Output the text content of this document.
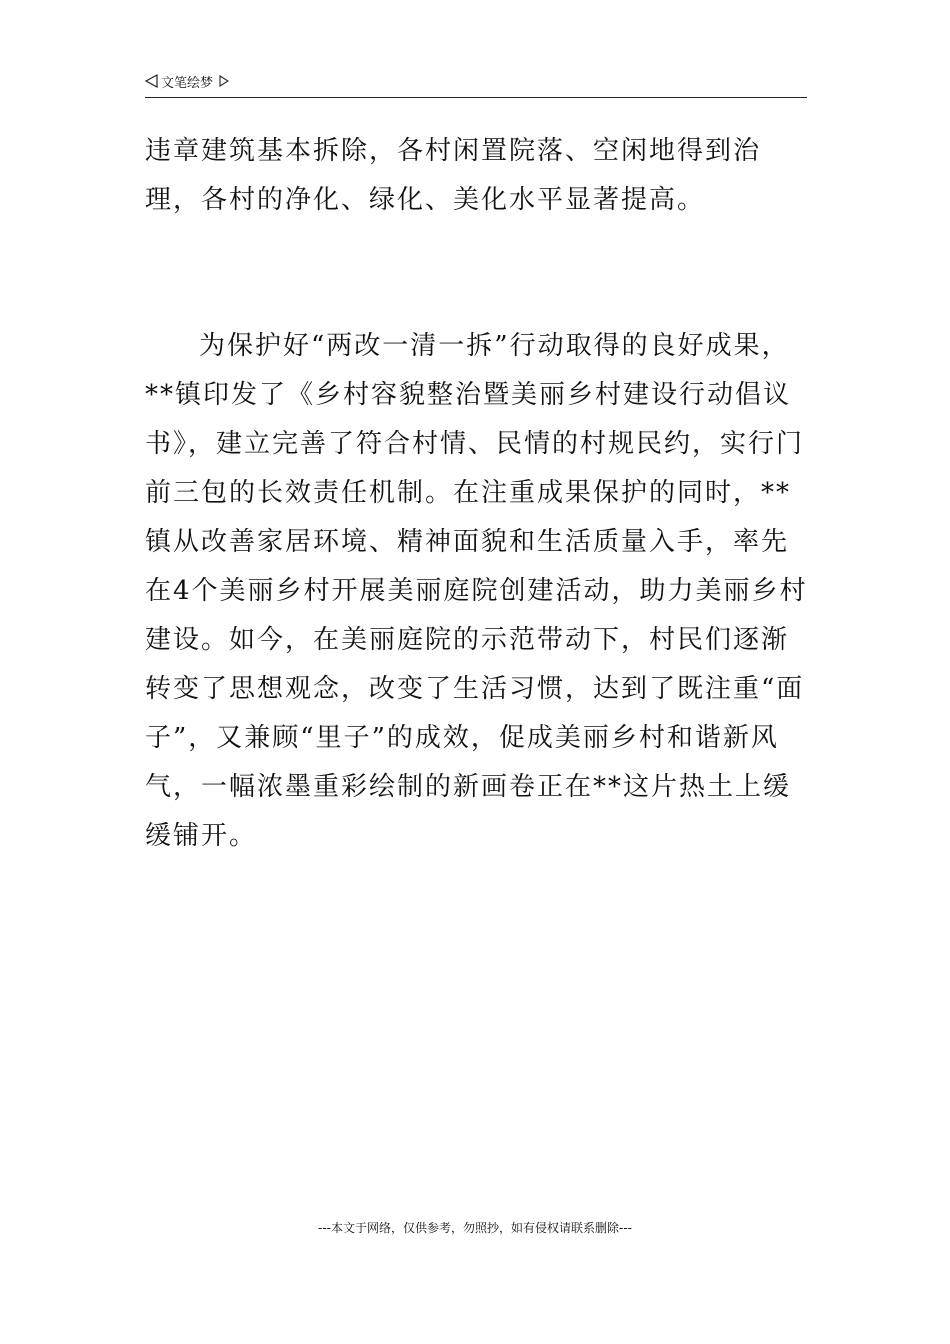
文笔绘梦

违章建筑基本拆除，各村闲置院落、空闲地得到治理，各村的净化、绿化、美化水平显著提高。

为保护好“两改一清一拆”行动取得的良好成果，**镇印发了《乡村容貌整治暨美丽乡村建设行动倡议书》，建立完善了符合村情、民情的村规民约，实行门前三包的长效责任机制。在注重成果保护的同时，**镇从改善家居环境、精神面貌和生活质量入手，率先在4个美丽乡村开展美丽庭院创建活动，助力美丽乡村建设。如今，在美丽庭院的示范带动下，村民们逐渐转变了思想观念，改变了生活习惯，达到了既注重“面子”，又兼顾“里子”的成效，促成美丽乡村和谐新风气，一幅浓墨重彩绘制的新画卷正在**这片热土上缓缓铺开。

---本文于网络，仅供参考，勿照抄，如有侵权请联系删除---
